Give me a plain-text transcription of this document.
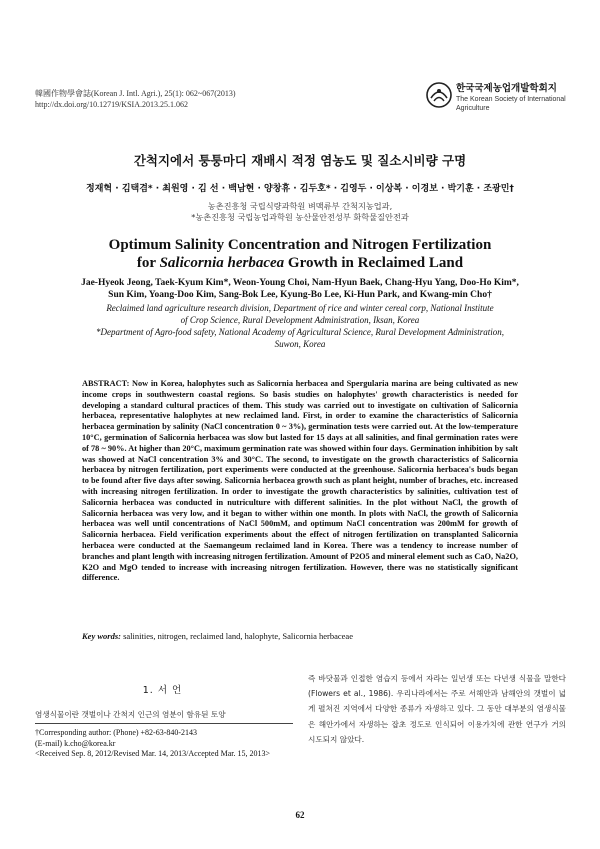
韓國作物學會誌(Korean J. Intl. Agri.), 25(1): 062~067(2013)
http://dx.doi.org/10.12719/KSIA.2013.25.1.062
한국국제농업개발학회지
The Korean Society of International Agriculture
간척지에서 퉁퉁마디 재배시 적정 염농도 및 질소시비량 구명
정재혁 · 김택겸* · 최원영 · 김 선 · 백남현 · 양창휴 · 김두호* · 김영두 · 이상복 · 이경보 · 박기훈 · 조광민†
농촌진흥청 국립식량과학원 벼맥류부 간척지농업과,
*농촌진흥청 국립농업과학원 농산물안전성부 화학물질안전과
Optimum Salinity Concentration and Nitrogen Fertilization
for Salicornia herbacea Growth in Reclaimed Land
Jae-Hyeok Jeong, Taek-Kyum Kim*, Weon-Young Choi, Nam-Hyun Baek, Chang-Hyu Yang, Doo-Ho Kim*,
Sun Kim, Yoang-Doo Kim, Sang-Bok Lee, Kyung-Bo Lee, Ki-Hun Park, and Kwang-min Cho†
Reclaimed land agriculture research division, Department of rice and winter cereal corp, National Institute
of Crop Science, Rural Development Administration, Iksan, Korea
*Department of Agro-food safety, National Academy of Agricultural Science, Rural Development Administration,
Suwon, Korea
ABSTRACT: Now in Korea, halophytes such as Salicornia herbacea and Spergularia marina are being cultivated as new income crops in southwestern coastal regions. So basis studies on halophytes' growth characteristics is needed for developing a standard cultural practices of them. This study was carried out to investigate on cultivation of Salicornia herbacea, representative halophytes at new reclaimed land. First, in order to examine the characteristics of Salicornia herbacea germination by salinity (NaCl concentration 0 ~ 3%), germination tests were carried out. At the low-temperature 10°C, germination of Salicornia herbacea was slow but lasted for 15 days at all salinities, and final germination rates were of 78 ~ 90%. At higher than 20°C, maximum germination rate was showed within four days. Germination inhibition by salt was showed at NaCl concentration 3% and 30°C. The second, to investigate on the growth characteristics of Salicornia herbacea by nitrogen fertilization, port experiments were conducted at the greenhouse. Salicornia herbacea's buds began to be found after five days after sowing. Salicornia herbacea growth such as plant height, number of braches, etc. increased with increasing nitrogen fertilization. In order to investigate the growth characteristics by salinities, cultivation test of Salicornia herbacea was conducted in nutriculture with different salinities. In the plot without NaCl, the growth of Salicornia herbacea was very low, and it began to wither within one month. In plots with NaCl, the growth of Salicornia herbacea was well until concentrations of NaCl 500mM, and optimum NaCl concentration was 200mM for growth of Salicornia herbacea. Field verification experiments about the effect of nitrogen fertilization on transplanted Salicornia herbacea were conducted at the Saemangeum reclaimed land in Korea. There was a tendency to increase number of branches and plant length with increasing nitrogen fertilization. Amount of P2O5 and mineral element such as CaO, Na2O, K2O and MgO tended to increase with increasing nitrogen fertilization. However, there was no statistically significant difference.
Key words: salinities, nitrogen, reclaimed land, halophyte, Salicornia herbaceae
1. 서 언
염생식물이란 갯벌이나 간척지 인근의 염분이 함유된 토양
†Corresponding author: (Phone) +82-63-840-2143
(E-mail) k.cho@korea.kr
<Received Sep. 8, 2012/Revised Mar. 14, 2013/Accepted Mar. 15, 2013>
즉 바닷물과 인접한 염습지 등에서 자라는 일년생 또는 다년생 식물을 말한다(Flowers et al., 1986). 우리나라에서는 주로 서해안과 남해안의 갯벌이 넓게 펼쳐진 지역에서 다양한 종류가 자생하고 있다. 그 동안 대부분의 염생식물은 해안가에서 자생하는 잡초 정도로 인식되어 이용가치에 관한 연구가 거의 시도되지 않았다.
62
